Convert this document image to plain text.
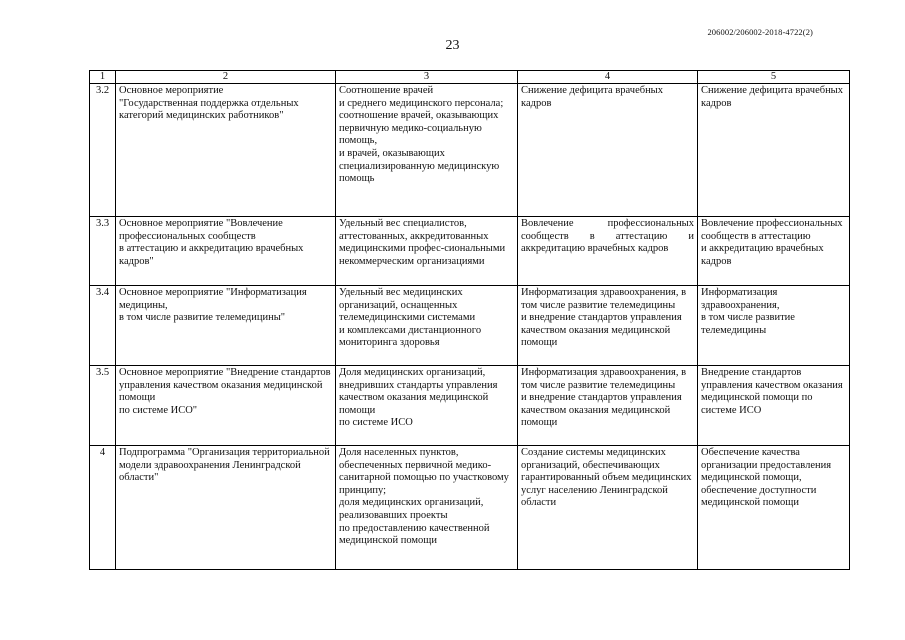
206002/206002-2018-4722(2)
23
1	2	3	4	5
3.2	Основное мероприятие
"Государственная поддержка отдельных категорий медицинских работников"	Соотношение врачей
и среднего медицинского персонала;
соотношение врачей, оказывающих первичную медико-социальную помощь,
и врачей, оказывающих специализированную медицинскую помощь	Снижение дефицита врачебных кадров	Снижение дефицита врачебных кадров
3.3	Основное мероприятие "Вовлечение профессиональных сообществ
в аттестацию и аккредитацию врачебных кадров"	Удельный вес специалистов, аттестованных, аккредитованных медицинскими профес-сиональными некоммерческим организациями	Вовлечение профессиональных сообществ в аттестацию и аккредитацию врачебных кадров	Вовлечение профессиональных сообществ в аттестацию
и аккредитацию врачебных кадров
3.4	Основное мероприятие "Информатизация медицины,
в том числе развитие телемедицины"	Удельный вес медицинских организаций, оснащенных телемедицинскими системами
и комплексами дистанционного мониторинга здоровья	Информатизация здравоохранения, в том числе развитие телемедицины
и внедрение стандартов управления качеством оказания медицинской помощи	Информатизация здравоохранения,
в том числе развитие телемедицины
3.5	Основное мероприятие "Внедрение стандартов управления качеством оказания медицинской помощи
по системе ИСО"	Доля медицинских организаций, внедривших стандарты управления качеством оказания медицинской помощи
по системе ИСО	Информатизация здравоохранения, в том числе развитие телемедицины
и внедрение стандартов управления качеством оказания медицинской помощи	Внедрение стандартов управления качеством оказания медицинской помощи по системе ИСО
4	Подпрограмма "Организация территориальной модели здравоохранения Ленинградской области"	Доля населенных пунктов, обеспеченных первичной медико-санитарной помощью по участковому принципу;
доля медицинских организаций, реализовавших проекты
по предоставлению качественной медицинской помощи	Создание системы медицинских организаций, обеспечивающих гарантированный объем медицинских услуг населению Ленинградской области	Обеспечение качества организации предоставления медицинской помощи, обеспечение доступности медицинской помощи
